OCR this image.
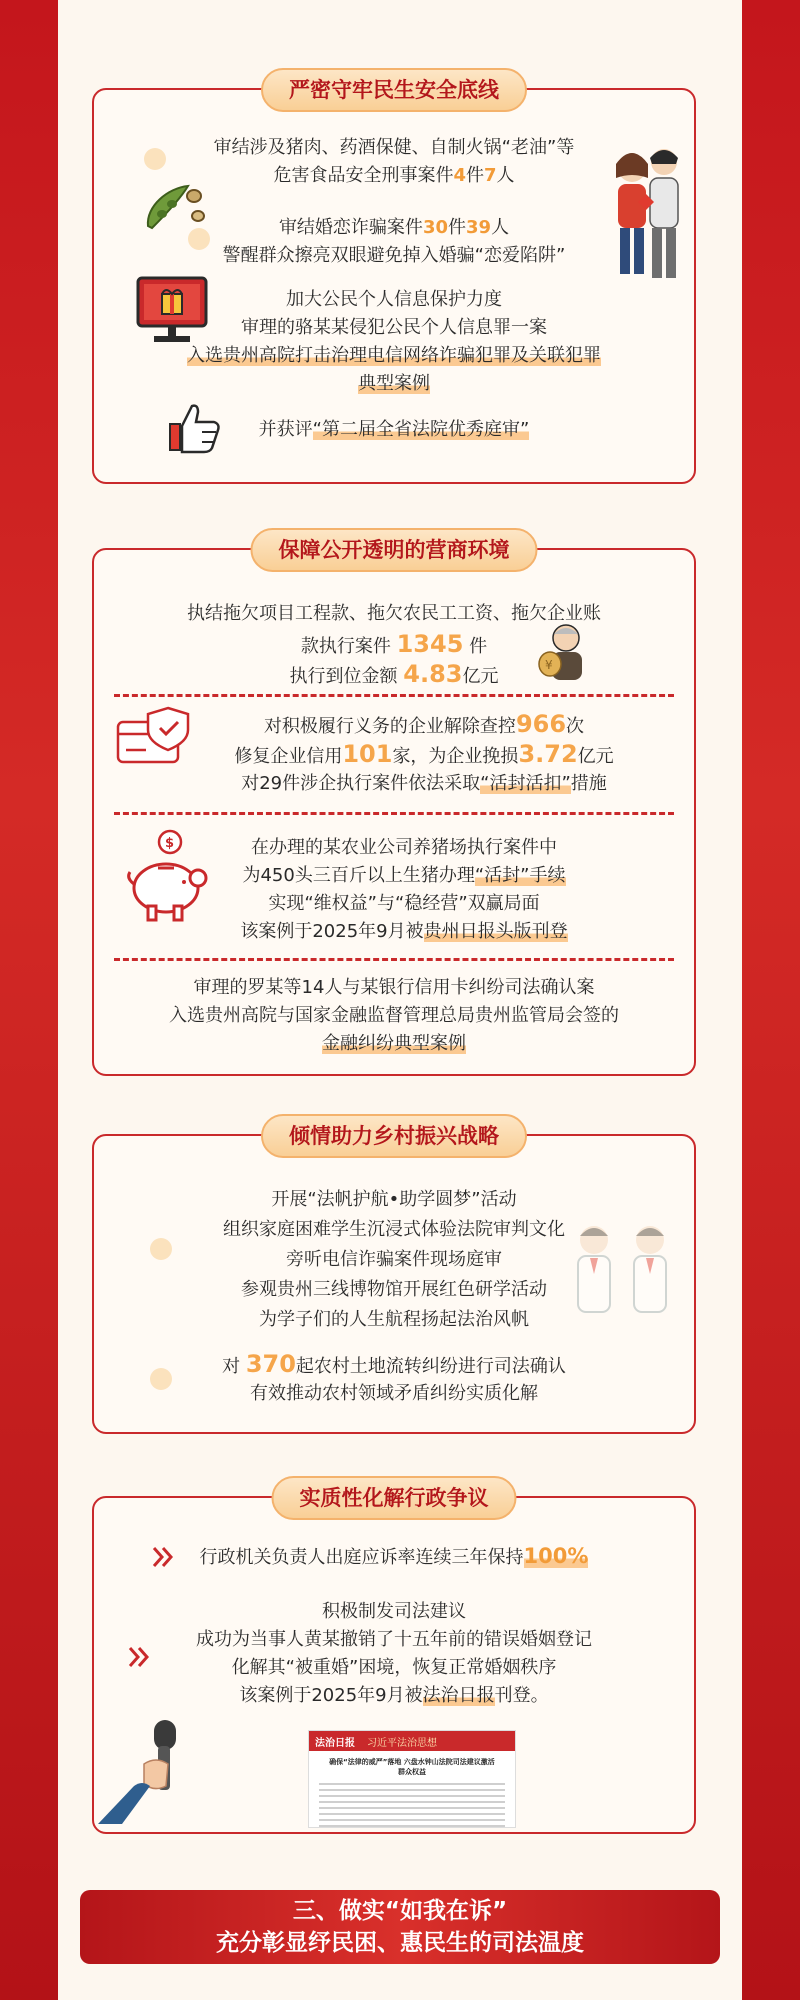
严密守牢民生安全底线
审结涉及猪肉、药酒保健、自制火锅“老油”等
危害食品安全刑事案件4件7人
审结婚恋诈骗案件30件39人
警醒群众擦亮双眼避免掉入婚骗“恋爱陷阱”
加大公民个人信息保护力度
审理的骆某某侵犯公民个人信息罪一案
入选贵州高院打击治理电信网络诈骗犯罪及关联犯罪
典型案例
并获评“第二届全省法院优秀庭审”
保障公开透明的营商环境
执结拖欠项目工程款、拖欠农民工工资、拖欠企业账
款执行案件 1345 件
执行到位金额 4.83亿元
¥
对积极履行义务的企业解除查控966次
修复企业信用101家，为企业挽损3.72亿元
对29件涉企执行案件依法采取“活封活扣”措施
$	在办理的某农业公司养猪场执行案件中
为450头三百斤以上生猪办理“活封”手续
实现“维权益”与“稳经营”双赢局面
该案例于2025年9月被贵州日报头版刊登
审理的罗某等14人与某银行信用卡纠纷司法确认案
入选贵州高院与国家金融监督管理总局贵州监管局会签的
金融纠纷典型案例
倾情助力乡村振兴战略
开展“法帆护航•助学圆梦”活动
组织家庭困难学生沉浸式体验法院审判文化
旁听电信诈骗案件现场庭审
参观贵州三线博物馆开展红色研学活动
为学子们的人生航程扬起法治风帆
对 370起农村土地流转纠纷进行司法确认
有效推动农村领域矛盾纠纷实质化解
实质性化解行政争议
行政机关负责人出庭应诉率连续三年保持100%
积极制发司法建议
成功为当事人黄某撤销了十五年前的错误婚姻登记
化解其“被重婚”困境，恢复正常婚姻秩序
该案例于2025年9月被法治日报刊登。
法治日报 习近平法治思想
确保“法律的威严”落地 六盘水钟山法院司法建议激活
群众权益
三、做实“如我在诉”
充分彰显纾民困、惠民生的司法温度
